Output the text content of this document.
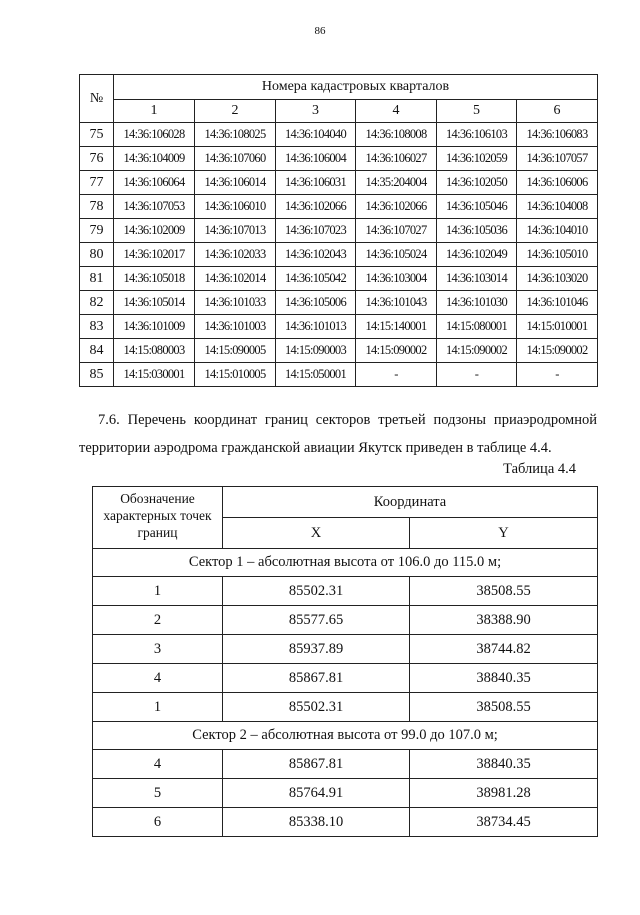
86
№	Номера кадастровых кварталов					
	1	2	3	4	5	6
75	14:36:106028	14:36:108025	14:36:104040	14:36:108008	14:36:106103	14:36:106083
76	14:36:104009	14:36:107060	14:36:106004	14:36:106027	14:36:102059	14:36:107057
77	14:36:106064	14:36:106014	14:36:106031	14:35:204004	14:36:102050	14:36:106006
78	14:36:107053	14:36:106010	14:36:102066	14:36:102066	14:36:105046	14:36:104008
79	14:36:102009	14:36:107013	14:36:107023	14:36:107027	14:36:105036	14:36:104010
80	14:36:102017	14:36:102033	14:36:102043	14:36:105024	14:36:102049	14:36:105010
81	14:36:105018	14:36:102014	14:36:105042	14:36:103004	14:36:103014	14:36:103020
82	14:36:105014	14:36:101033	14:36:105006	14:36:101043	14:36:101030	14:36:101046
83	14:36:101009	14:36:101003	14:36:101013	14:15:140001	14:15:080001	14:15:010001
84	14:15:080003	14:15:090005	14:15:090003	14:15:090002	14:15:090002	14:15:090002
85	14:15:030001	14:15:010005	14:15:050001	-	-	-
7.6. Перечень координат границ секторов третьей подзоны приаэродромной территории аэродрома гражданской авиации Якутск приведен в таблице 4.4.
Таблица 4.4
Обозначение характерных точек границ	Координата	
	X	Y
Сектор 1 – абсолютная высота от 106.0 до 115.0 м;		
1	85502.31	38508.55
2	85577.65	38388.90
3	85937.89	38744.82
4	85867.81	38840.35
1	85502.31	38508.55
Сектор 2 – абсолютная высота от 99.0 до 107.0 м;		
4	85867.81	38840.35
5	85764.91	38981.28
6	85338.10	38734.45
